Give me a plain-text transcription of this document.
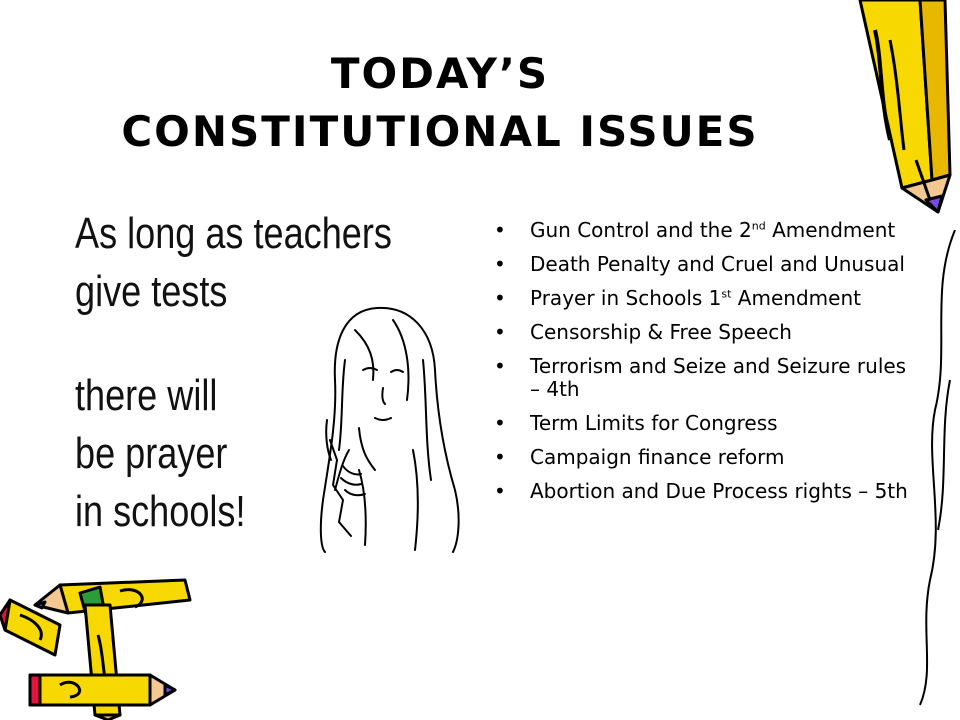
TODAY’S
CONSTITUTIONAL ISSUES
As long as teachers
give tests
there will
be prayer
in schools!
• Gun Control and the 2nd Amendment
• Death Penalty and Cruel and Unusual
• Prayer in Schools 1st Amendment
• Censorship & Free Speech
• Terrorism and Seize and Seizure rules – 4th
• Term Limits for Congress
• Campaign finance reform
• Abortion and Due Process rights – 5th
